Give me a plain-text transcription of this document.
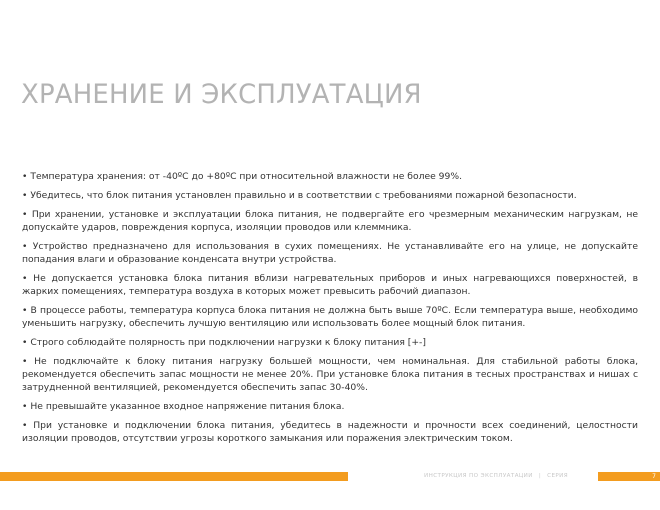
ХРАНЕНИЕ И ЭКСПЛУАТАЦИЯ
• Температура хранения: от -40ºС до +80ºС при относительной влажности не более 99%.
• Убедитесь, что блок питания установлен правильно и в соответствии с требованиями пожарной безопасности.
• При хранении, установке и эксплуатации блока питания, не подвергайте его чрезмерным механическим нагрузкам, не допускайте ударов, повреждения корпуса, изоляции проводов или клеммника.
• Устройство предназначено для использования в сухих помещениях. Не устанавливайте его на улице, не допускайте попадания влаги и образование конденсата внутри устройства.
• Не допускается установка блока питания вблизи нагревательных приборов и иных нагревающихся поверхностей, в жарких помещениях, температура воздуха в которых может превысить рабочий диапазон.
• В процессе работы, температура корпуса блока питания не должна быть выше 70ºС. Если температура выше, необходимо уменьшить нагрузку, обеспечить лучшую вентиляцию или использовать более мощный блок питания.
• Строго соблюдайте полярность при подключении нагрузки к блоку питания [+-]
• Не подключайте к блоку питания нагрузку большей мощности, чем номинальная. Для стабильной работы блока, рекомендуется обеспечить запас мощности не менее 20%. При установке блока питания в тесных пространствах и нишах с затрудненной вентиляцией, рекомендуется обеспечить запас 30-40%.
• Не превышайте указанное входное напряжение питания блока.
• При установке и подключении блока питания, убедитесь в надежности и прочности всех соединений, целостности изоляции проводов, отсутствии угрозы короткого замыкания или поражения электрическим током.
ИНСТРУКЦИЯ ПО ЭКСПЛУАТАЦИИ | СЕРИЯ	7
